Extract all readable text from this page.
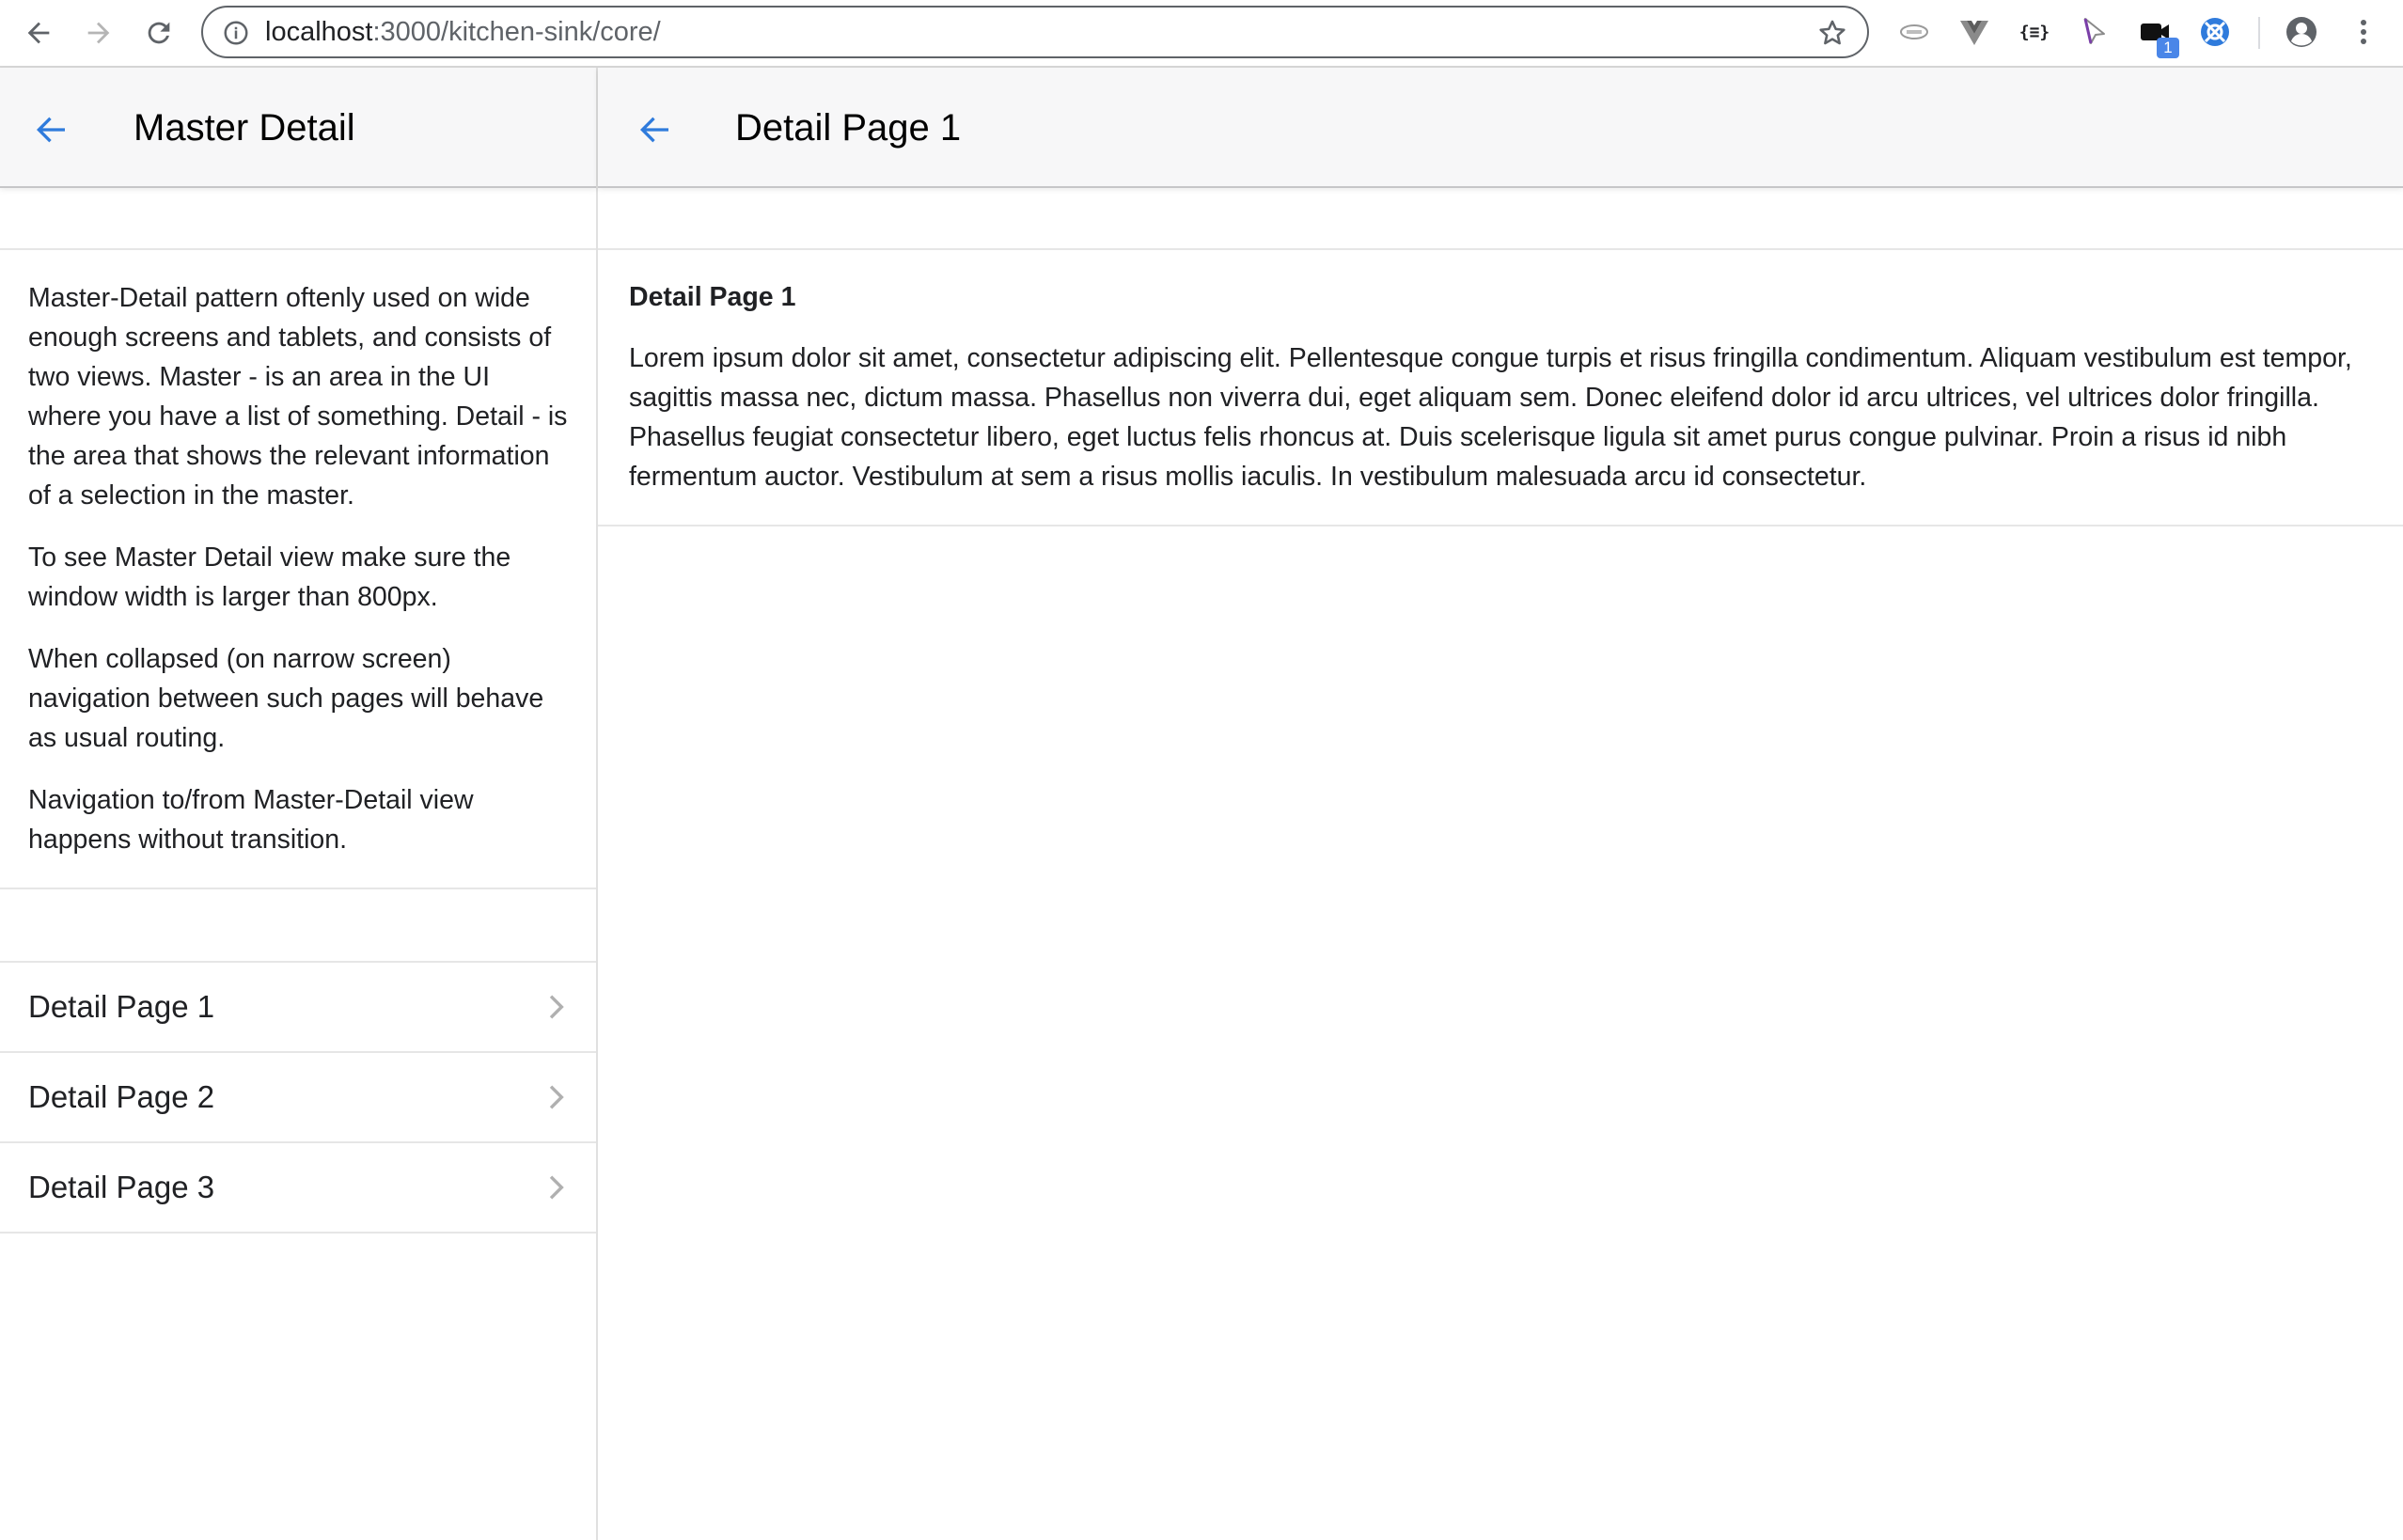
localhost:3000/kitchen-sink/core/	{≡}
1
Master Detail

Master-Detail pattern oftenly used on wide enough screens and tablets, and consists of two views. Master - is an area in the UI where you have a list of something. Detail - is the area that shows the relevant information of a selection in the master.

To see Master Detail view make sure the window width is larger than 800px.

When collapsed (on narrow screen) navigation between such pages will behave as usual routing.

Navigation to/from Master-Detail view happens without transition.

Detail Page 1
Detail Page 2
Detail Page 3
Detail Page 1
Detail Page 1

Lorem ipsum dolor sit amet, consectetur adipiscing elit. Pellentesque congue turpis et risus fringilla condimentum. Aliquam vestibulum est tempor, sagittis massa nec, dictum massa. Phasellus non viverra dui, eget aliquam sem. Donec eleifend dolor id arcu ultrices, vel ultrices dolor fringilla. Phasellus feugiat consectetur libero, eget luctus felis rhoncus at. Duis scelerisque ligula sit amet purus congue pulvinar. Proin a risus id nibh fermentum auctor. Vestibulum at sem a risus mollis iaculis. In vestibulum malesuada arcu id consectetur.
